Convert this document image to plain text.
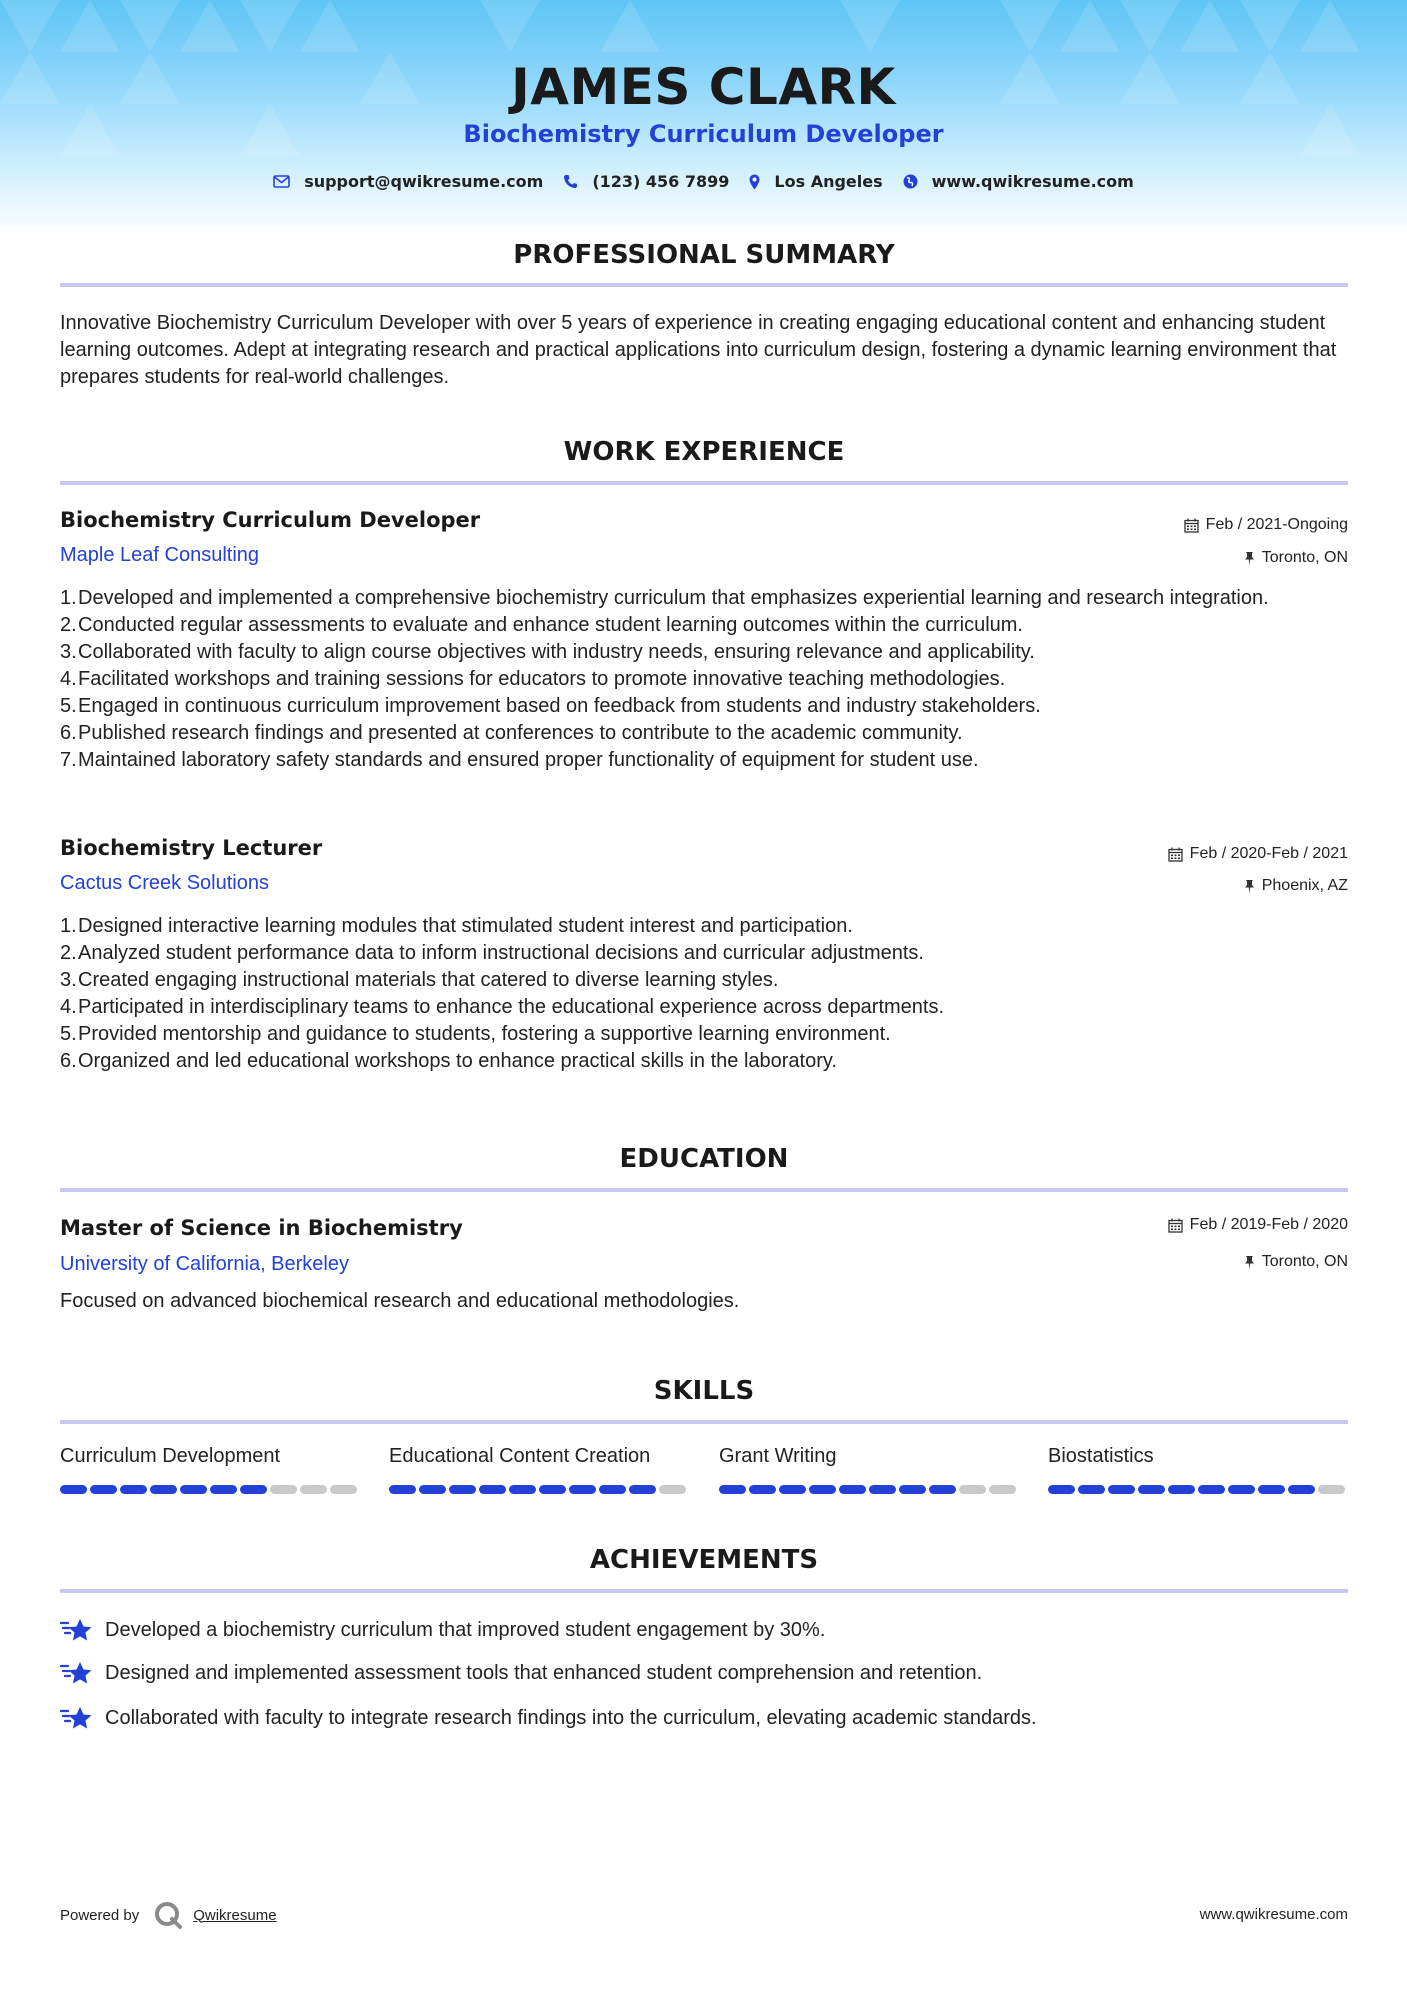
JAMES CLARK
Biochemistry Curriculum Developer
support@qwikresume.com	(123) 456 7899	Los Angeles	www.qwikresume.com
PROFESSIONAL SUMMARY
Innovative Biochemistry Curriculum Developer with over 5 years of experience in creating engaging educational content and enhancing student learning outcomes. Adept at integrating research and practical applications into curriculum design, fostering a dynamic learning environment that prepares students for real-world challenges.
WORK EXPERIENCE
Biochemistry Curriculum Developer
Maple Leaf Consulting
Feb / 2021-Ongoing
Toronto, ON
1. Developed and implemented a comprehensive biochemistry curriculum that emphasizes experiential learning and research integration.
2. Conducted regular assessments to evaluate and enhance student learning outcomes within the curriculum.
3. Collaborated with faculty to align course objectives with industry needs, ensuring relevance and applicability.
4. Facilitated workshops and training sessions for educators to promote innovative teaching methodologies.
5. Engaged in continuous curriculum improvement based on feedback from students and industry stakeholders.
6. Published research findings and presented at conferences to contribute to the academic community.
7. Maintained laboratory safety standards and ensured proper functionality of equipment for student use.
Biochemistry Lecturer
Cactus Creek Solutions
Feb / 2020-Feb / 2021
Phoenix, AZ
1. Designed interactive learning modules that stimulated student interest and participation.
2. Analyzed student performance data to inform instructional decisions and curricular adjustments.
3. Created engaging instructional materials that catered to diverse learning styles.
4. Participated in interdisciplinary teams to enhance the educational experience across departments.
5. Provided mentorship and guidance to students, fostering a supportive learning environment.
6. Organized and led educational workshops to enhance practical skills in the laboratory.
EDUCATION
Master of Science in Biochemistry
University of California, Berkeley
Feb / 2019-Feb / 2020
Toronto, ON
Focused on advanced biochemical research and educational methodologies.
SKILLS
Curriculum Development	Educational Content Creation	Grant Writing	Biostatistics
ACHIEVEMENTS
Developed a biochemistry curriculum that improved student engagement by 30%.
Designed and implemented assessment tools that enhanced student comprehension and retention.
Collaborated with faculty to integrate research findings into the curriculum, elevating academic standards.
Powered by	Qwikresume	www.qwikresume.com
